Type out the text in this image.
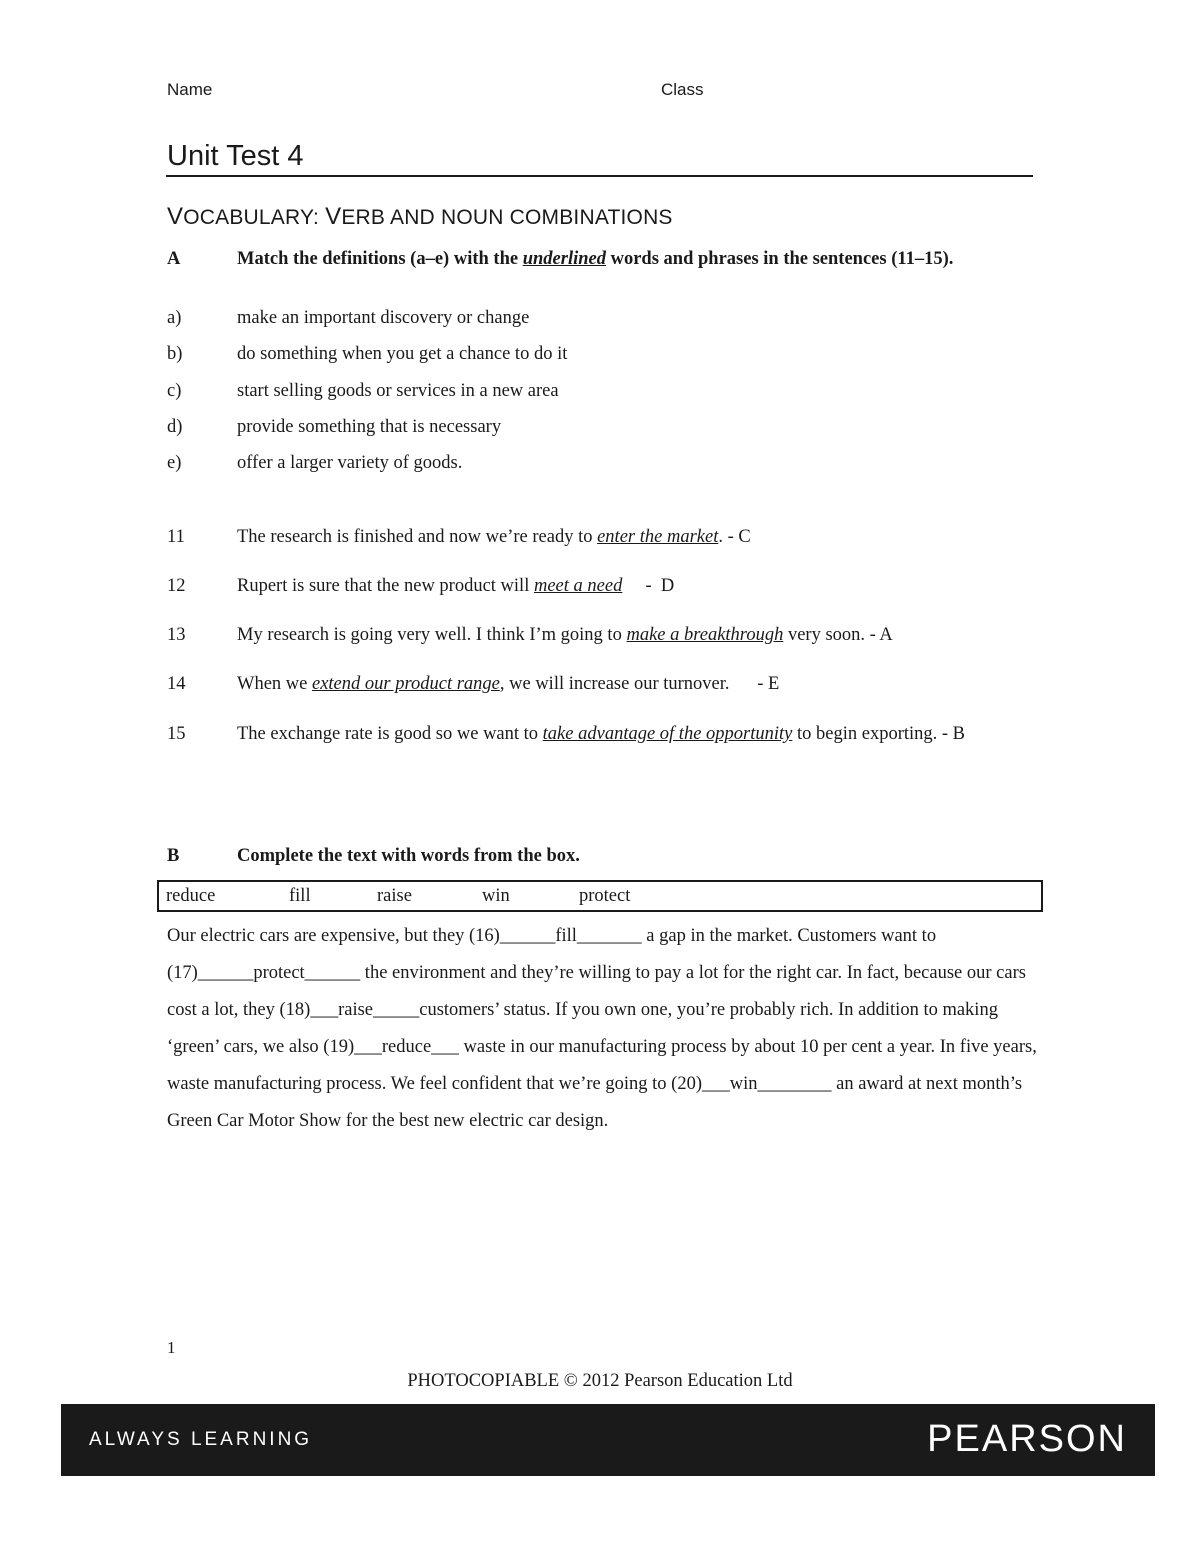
Name	Class
Unit Test 4
VOCABULARY: VERB AND NOUN COMBINATIONS
A	Match the definitions (a–e) with the underlined words and phrases in the sentences (11–15).
a)	make an important discovery or change
b)	do something when you get a chance to do it
c)	start selling goods or services in a new area
d)	provide something that is necessary
e)	offer a larger variety of goods.
11	The research is finished and now we’re ready to enter the market. - C
12	Rupert is sure that the new product will meet a need     -  D
13	My research is going very well. I think I’m going to make a breakthrough very soon. - A
14	When we extend our product range, we will increase our turnover.      - E
15	The exchange rate is good so we want to take advantage of the opportunity to begin exporting. - B
B	Complete the text with words from the box.
reduce	fill	raise	win	protect
Our electric cars are expensive, but they (16)______fill_______ a gap in the market. Customers want to (17)______protect______ the environment and they’re willing to pay a lot for the right car. In fact, because our cars cost a lot, they (18)___raise_____customers’ status. If you own one, you’re probably rich. In addition to making ‘green’ cars, we also (19)___reduce___ waste in our manufacturing process by about 10 per cent a year. In five years, waste manufacturing process. We feel confident that we’re going to (20)___win________ an award at next month’s Green Car Motor Show for the best new electric car design.
1
PHOTOCOPIABLE © 2012 Pearson Education Ltd
ALWAYS LEARNING	PEARSON
